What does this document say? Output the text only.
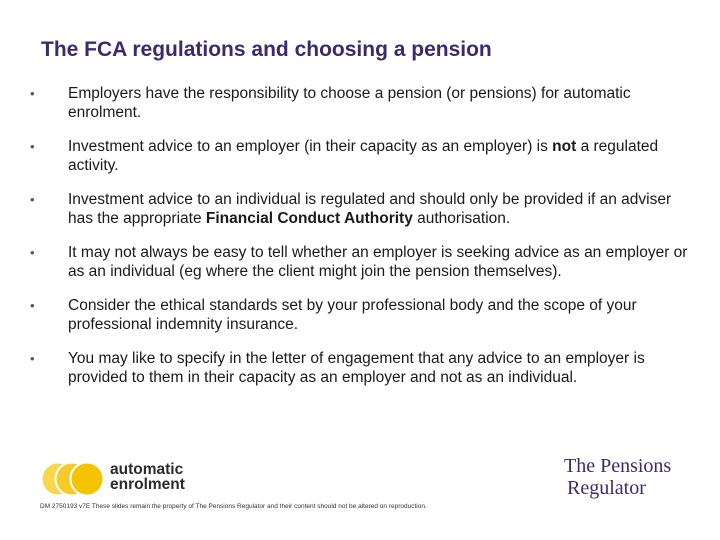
The FCA regulations and choosing a pension
• Employers have the responsibility to choose a pension (or pensions) for automatic enrolment.
• Investment advice to an employer (in their capacity as an employer) is not a regulated activity.
• Investment advice to an individual is regulated and should only be provided if an adviser has the appropriate Financial Conduct Authority authorisation.
• It may not always be easy to tell whether an employer is seeking advice as an employer or as an individual (eg where the client might join the pension themselves).
• Consider the ethical standards set by your professional body and the scope of your professional indemnity insurance.
• You may like to specify in the letter of engagement that any advice to an employer is provided to them in their capacity as an employer and not as an individual.
automatic
enrolment
The Pensions
Regulator
DM 2750193 v7E These slides remain the property of The Pensions Regulator and their content should not be altered on reproduction.
